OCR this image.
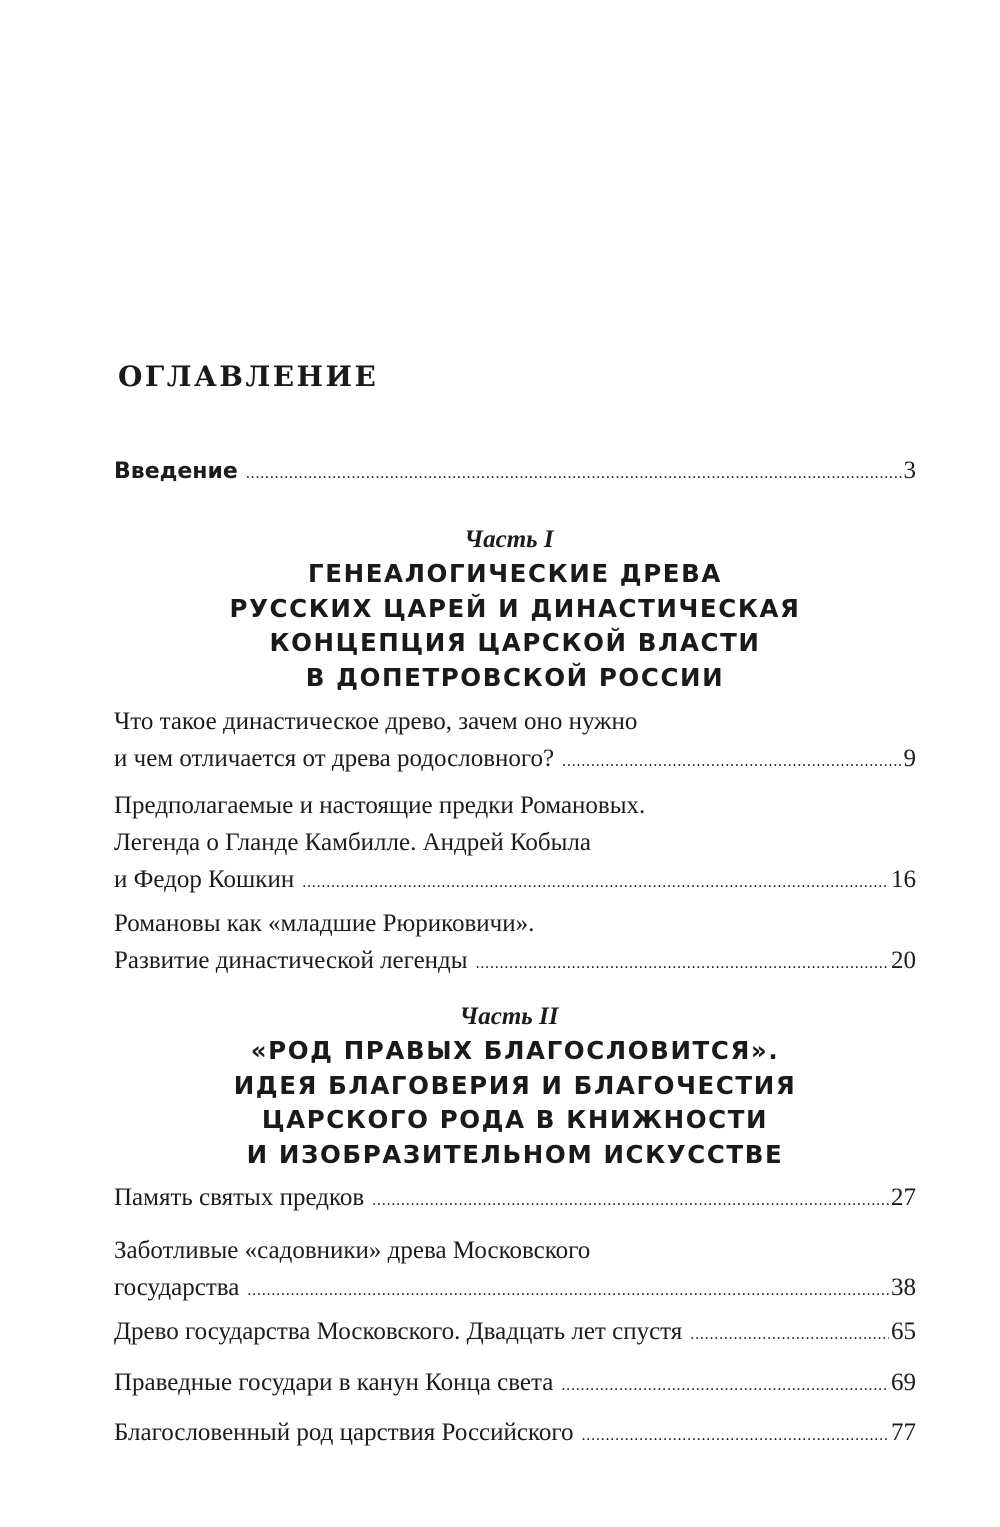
ОГЛАВЛЕНИЕ
Введение . . .	3
Часть I
ГЕНЕАЛОГИЧЕСКИЕ ДРЕВА
РУССКИХ ЦАРЕЙ И ДИНАСТИЧЕСКАЯ
КОНЦЕПЦИЯ ЦАРСКОЙ ВЛАСТИ
В ДОПЕТРОВСКОЙ РОССИИ
Что такое династическое древо, зачем оно нужно
и чем отличается от древа родословного? . . .	9
Предполагаемые и настоящие предки Романовых.
Легенда о Гланде Камбилле. Андрей Кобыла
и Федор Кошкин . . .	16
Романовы как «младшие Рюриковичи».
Развитие династической легенды . . .	20
Часть II
«РОД ПРАВЫХ БЛАГОСЛОВИТСЯ».
ИДЕЯ БЛАГОВЕРИЯ И БЛАГОЧЕСТИЯ
ЦАРСКОГО РОДА В КНИЖНОСТИ
И ИЗОБРАЗИТЕЛЬНОМ ИСКУССТВЕ
Память святых предков . . .	27
Заботливые «садовники» древа Московского
государства . . .	38
Древо государства Московского. Двадцать лет спустя . . .	65
Праведные государи в канун Конца света . . .	69
Благословенный род царствия Российского . . .	77
